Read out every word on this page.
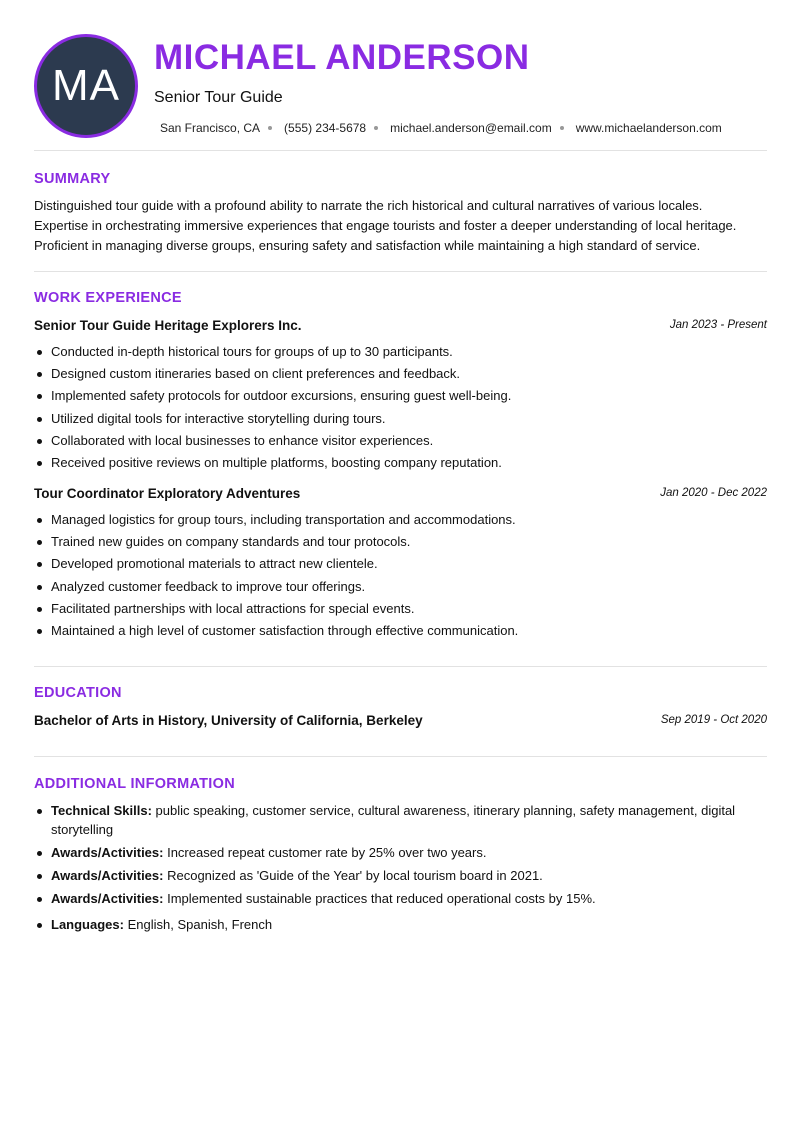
MA
MICHAEL ANDERSON
Senior Tour Guide
San Francisco, CA (555) 234-5678 michael.anderson@email.com www.michaelanderson.com
SUMMARY
Distinguished tour guide with a profound ability to narrate the rich historical and cultural narratives of various locales.
Expertise in orchestrating immersive experiences that engage tourists and foster a deeper understanding of local heritage.
Proficient in managing diverse groups, ensuring safety and satisfaction while maintaining a high standard of service.
WORK EXPERIENCE
Senior Tour Guide Heritage Explorers Inc.	Jan 2023 - Present
Conducted in-depth historical tours for groups of up to 30 participants.
Designed custom itineraries based on client preferences and feedback.
Implemented safety protocols for outdoor excursions, ensuring guest well-being.
Utilized digital tools for interactive storytelling during tours.
Collaborated with local businesses to enhance visitor experiences.
Received positive reviews on multiple platforms, boosting company reputation.
Tour Coordinator Exploratory Adventures	Jan 2020 - Dec 2022
Managed logistics for group tours, including transportation and accommodations.
Trained new guides on company standards and tour protocols.
Developed promotional materials to attract new clientele.
Analyzed customer feedback to improve tour offerings.
Facilitated partnerships with local attractions for special events.
Maintained a high level of customer satisfaction through effective communication.
EDUCATION
Bachelor of Arts in History, University of California, Berkeley	Sep 2019 - Oct 2020
ADDITIONAL INFORMATION
Technical Skills: public speaking, customer service, cultural awareness, itinerary planning, safety management, digital storytelling
Awards/Activities: Increased repeat customer rate by 25% over two years.
Awards/Activities: Recognized as 'Guide of the Year' by local tourism board in 2021.
Awards/Activities: Implemented sustainable practices that reduced operational costs by 15%.
Languages: English, Spanish, French
